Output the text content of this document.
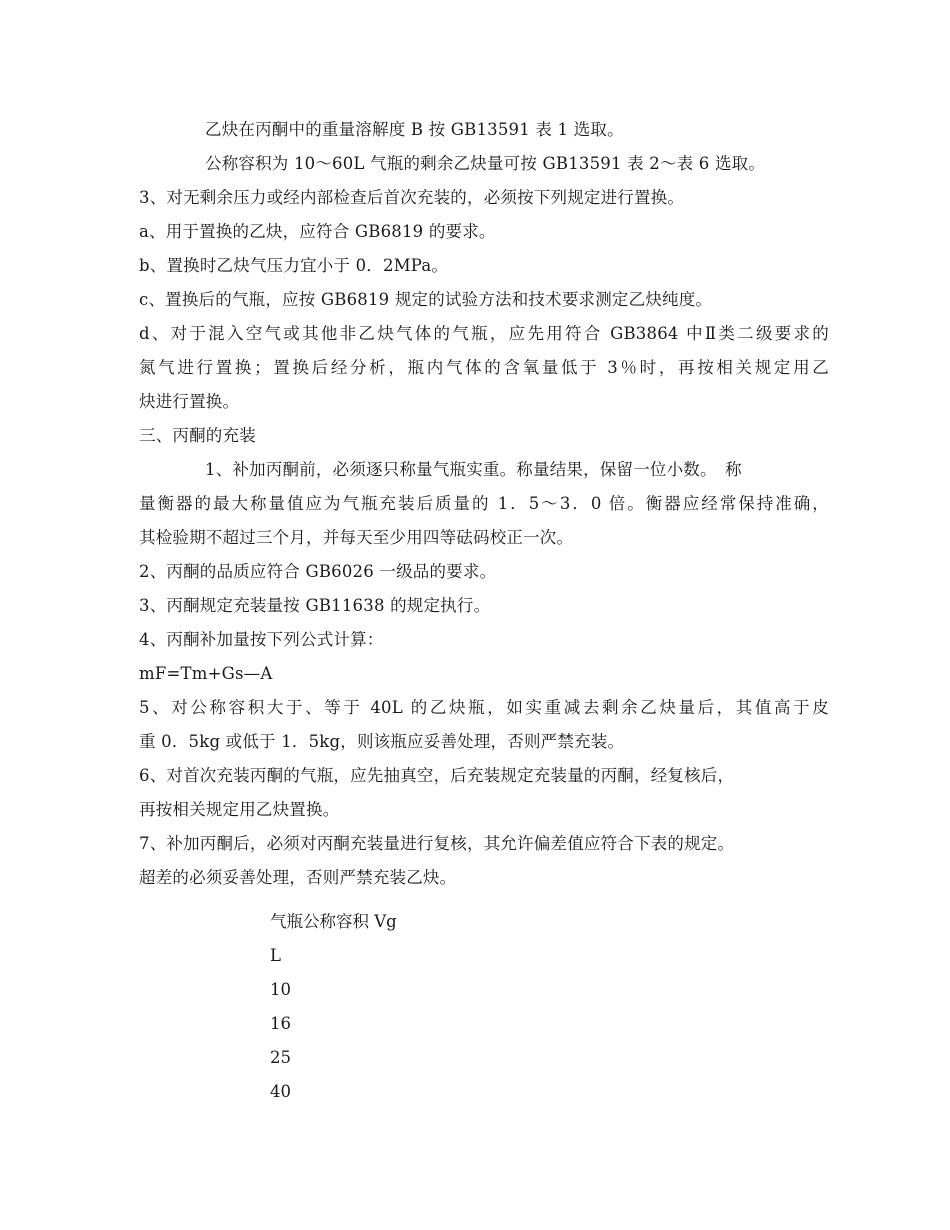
乙炔在丙酮中的重量溶解度 B 按 GB13591 表 1 选取。
公称容积为 10～60L 气瓶的剩余乙炔量可按 GB13591 表 2～表 6 选取。
3、对无剩余压力或经内部检查后首次充装的，必须按下列规定进行置换。
a、用于置换的乙炔，应符合 GB6819 的要求。
b、置换时乙炔气压力宜小于 0．2MPa。
c、置换后的气瓶，应按 GB6819 规定的试验方法和技术要求测定乙炔纯度。
d、对于混入空气或其他非乙炔气体的气瓶，应先用符合 GB3864 中Ⅱ类二级要求的
氮气进行置换；置换后经分析，瓶内气体的含氧量低于 3％时，再按相关规定用乙
炔进行置换。
三、丙酮的充装
1、补加丙酮前，必须逐只称量气瓶实重。称量结果，保留一位小数。　称
量衡器的最大称量值应为气瓶充装后质量的 1．5～3．0 倍。衡器应经常保持准确，
其检验期不超过三个月，并每天至少用四等砝码校正一次。
2、丙酮的品质应符合 GB6026 一级品的要求。
3、丙酮规定充装量按 GB11638 的规定执行。
4、丙酮补加量按下列公式计算：
mF=Tm+Gs—A
5、对公称容积大于、等于 40L 的乙炔瓶，如实重减去剩余乙炔量后，其值高于皮
重 0．5kg 或低于 1．5kg，则该瓶应妥善处理，否则严禁充装。
6、对首次充装丙酮的气瓶，应先抽真空，后充装规定充装量的丙酮，经复核后，
再按相关规定用乙炔置换。
7、补加丙酮后，必须对丙酮充装量进行复核，其允许偏差值应符合下表的规定。
超差的必须妥善处理，否则严禁充装乙炔。
气瓶公称容积 Vg
L
10
16
25
40
